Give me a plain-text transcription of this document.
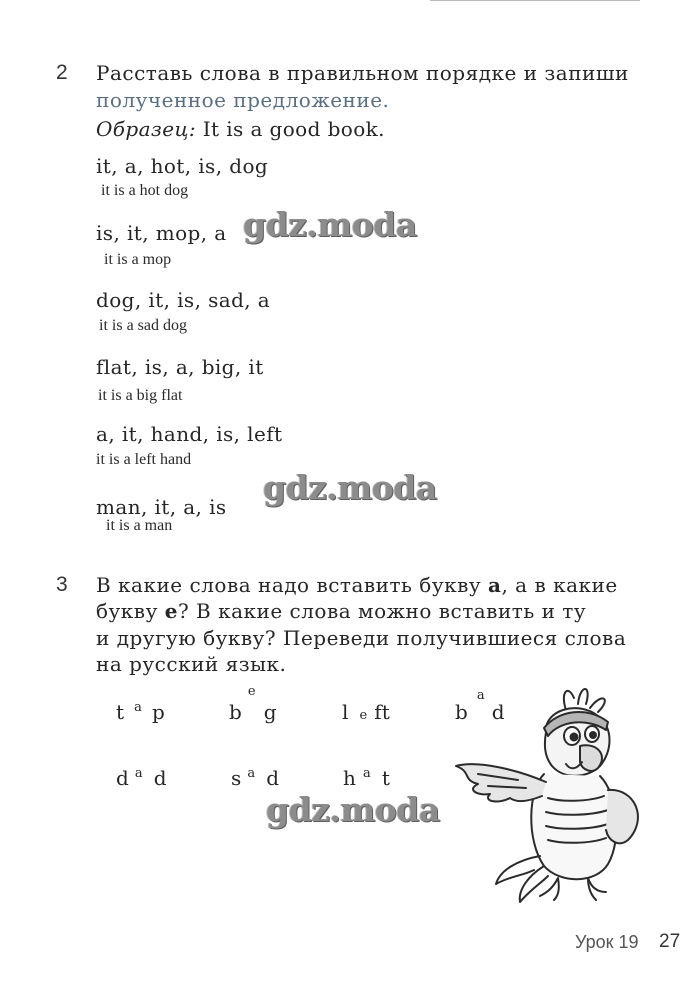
2 Расставь слова в правильном порядке и запиши
полученное предложение.
Образец: It is a good book.
it, a, hot, is, dog
it is a hot dog
is, it, mop, a
it is a mop
dog, it, is, sad, a
it is a sad dog
flat, is, a, big, it
it is a big flat
a, it, hand, is, left
it is a left hand
man, it, a, is
it is a man
3 В какие слова надо вставить букву a, а в какие
букву e? В какие слова можно вставить и ту
и другую букву? Переведи получившиеся слова
на русский язык.
t $^a$ p	b $^e$ g	l e ft	b $^a$ d
d $^a$ d	s $^a$ d	h $^a$ t
gdz.moda
gdz.moda
gdz.moda
Урок 19 27
